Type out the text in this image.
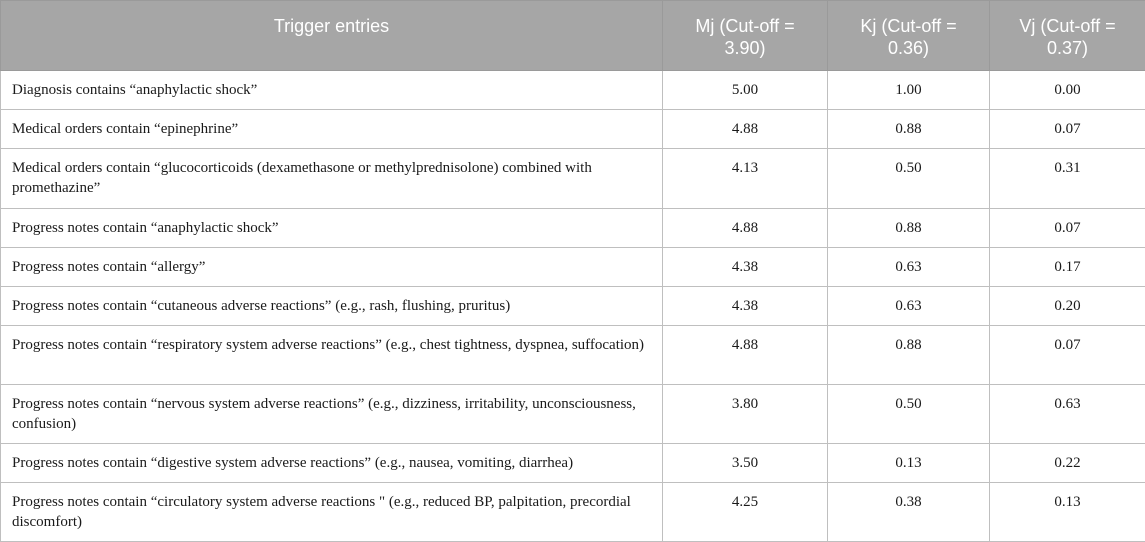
Trigger entries	Mj (Cut-off = 3.90)	Kj (Cut-off = 0.36)	Vj (Cut-off = 0.37)
Diagnosis contains “anaphylactic shock”	5.00	1.00	0.00
Medical orders contain “epinephrine”	4.88	0.88	0.07
Medical orders contain “glucocorticoids (dexamethasone or methylprednisolone) combined with promethazine”	4.13	0.50	0.31
Progress notes contain “anaphylactic shock”	4.88	0.88	0.07
Progress notes contain “allergy”	4.38	0.63	0.17
Progress notes contain “cutaneous adverse reactions” (e.g., rash, flushing, pruritus)	4.38	0.63	0.20
Progress notes contain “respiratory system adverse reactions” (e.g., chest tightness, dyspnea, suffocation)	4.88	0.88	0.07
Progress notes contain “nervous system adverse reactions” (e.g., dizziness, irritability, unconsciousness, confusion)	3.80	0.50	0.63
Progress notes contain “digestive system adverse reactions” (e.g., nausea, vomiting, diarrhea)	3.50	0.13	0.22
Progress notes contain “circulatory system adverse reactions " (e.g., reduced BP, palpitation, precordial discomfort)	4.25	0.38	0.13
